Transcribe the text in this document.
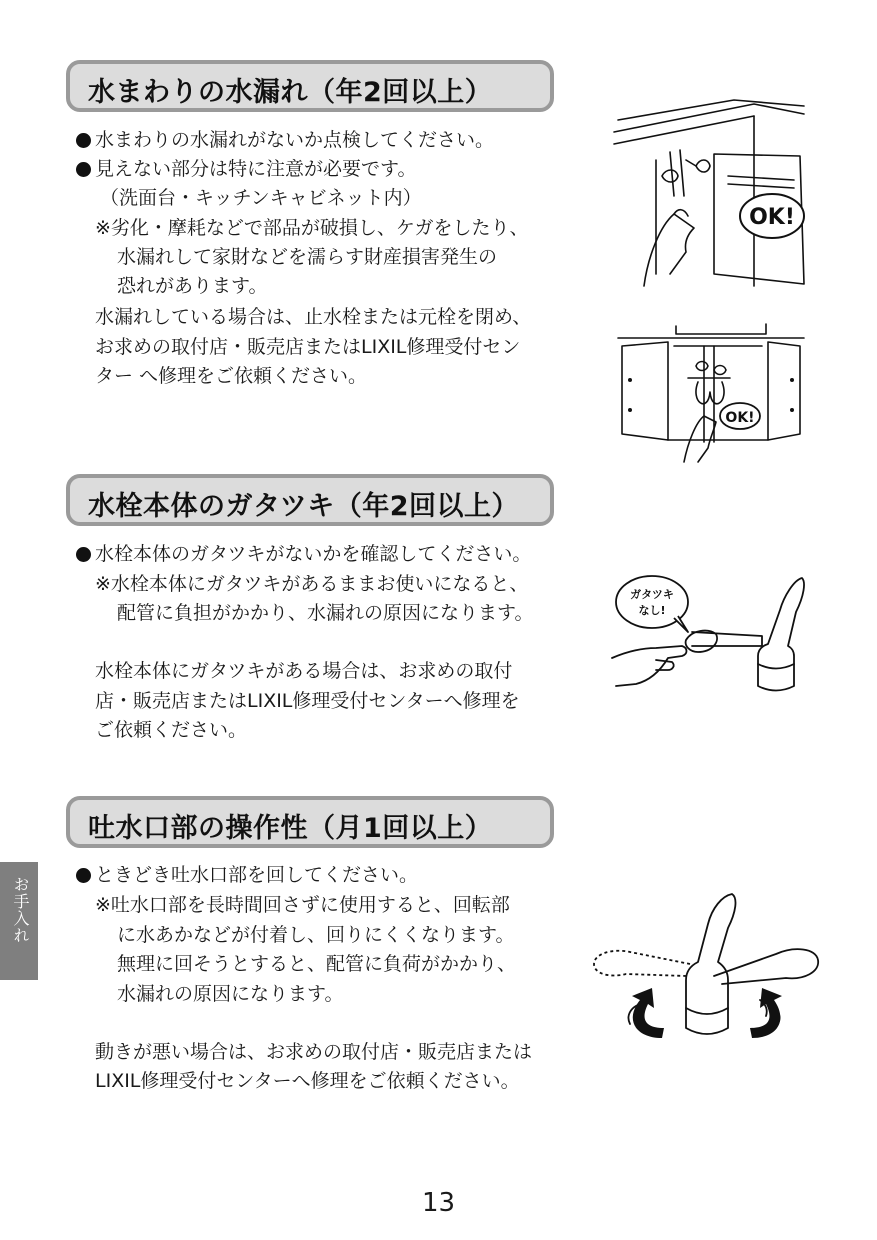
水まわりの水漏れ（年2回以上）
水まわりの水漏れがないか点検してください。
見えない部分は特に注意が必要です。
（洗面台・キッチンキャビネット内）
※劣化・摩耗などで部品が破損し、ケガをしたり、
水漏れして家財などを濡らす財産損害発生の
恐れがあります。
水漏れしている場合は、止水栓または元栓を閉め、
お求めの取付店・販売店またはLIXIL修理受付セン
ター へ修理をご依頼ください。
OK!
OK!
水栓本体のガタツキ（年2回以上）
水栓本体のガタツキがないかを確認してください。
※水栓本体にガタツキがあるままお使いになると、
配管に負担がかかり、水漏れの原因になります。
水栓本体にガタツキがある場合は、お求めの取付
店・販売店またはLIXIL修理受付センターへ修理を
ご依頼ください。
ガタツキ
なし!
吐水口部の操作性（月1回以上）
ときどき吐水口部を回してください。
※吐水口部を長時間回さずに使用すると、回転部
に水あかなどが付着し、回りにくくなります。
無理に回そうとすると、配管に負荷がかかり、
水漏れの原因になります。
動きが悪い場合は、お求めの取付店・販売店または
LIXIL修理受付センターへ修理をご依頼ください。
お手入れ
13
